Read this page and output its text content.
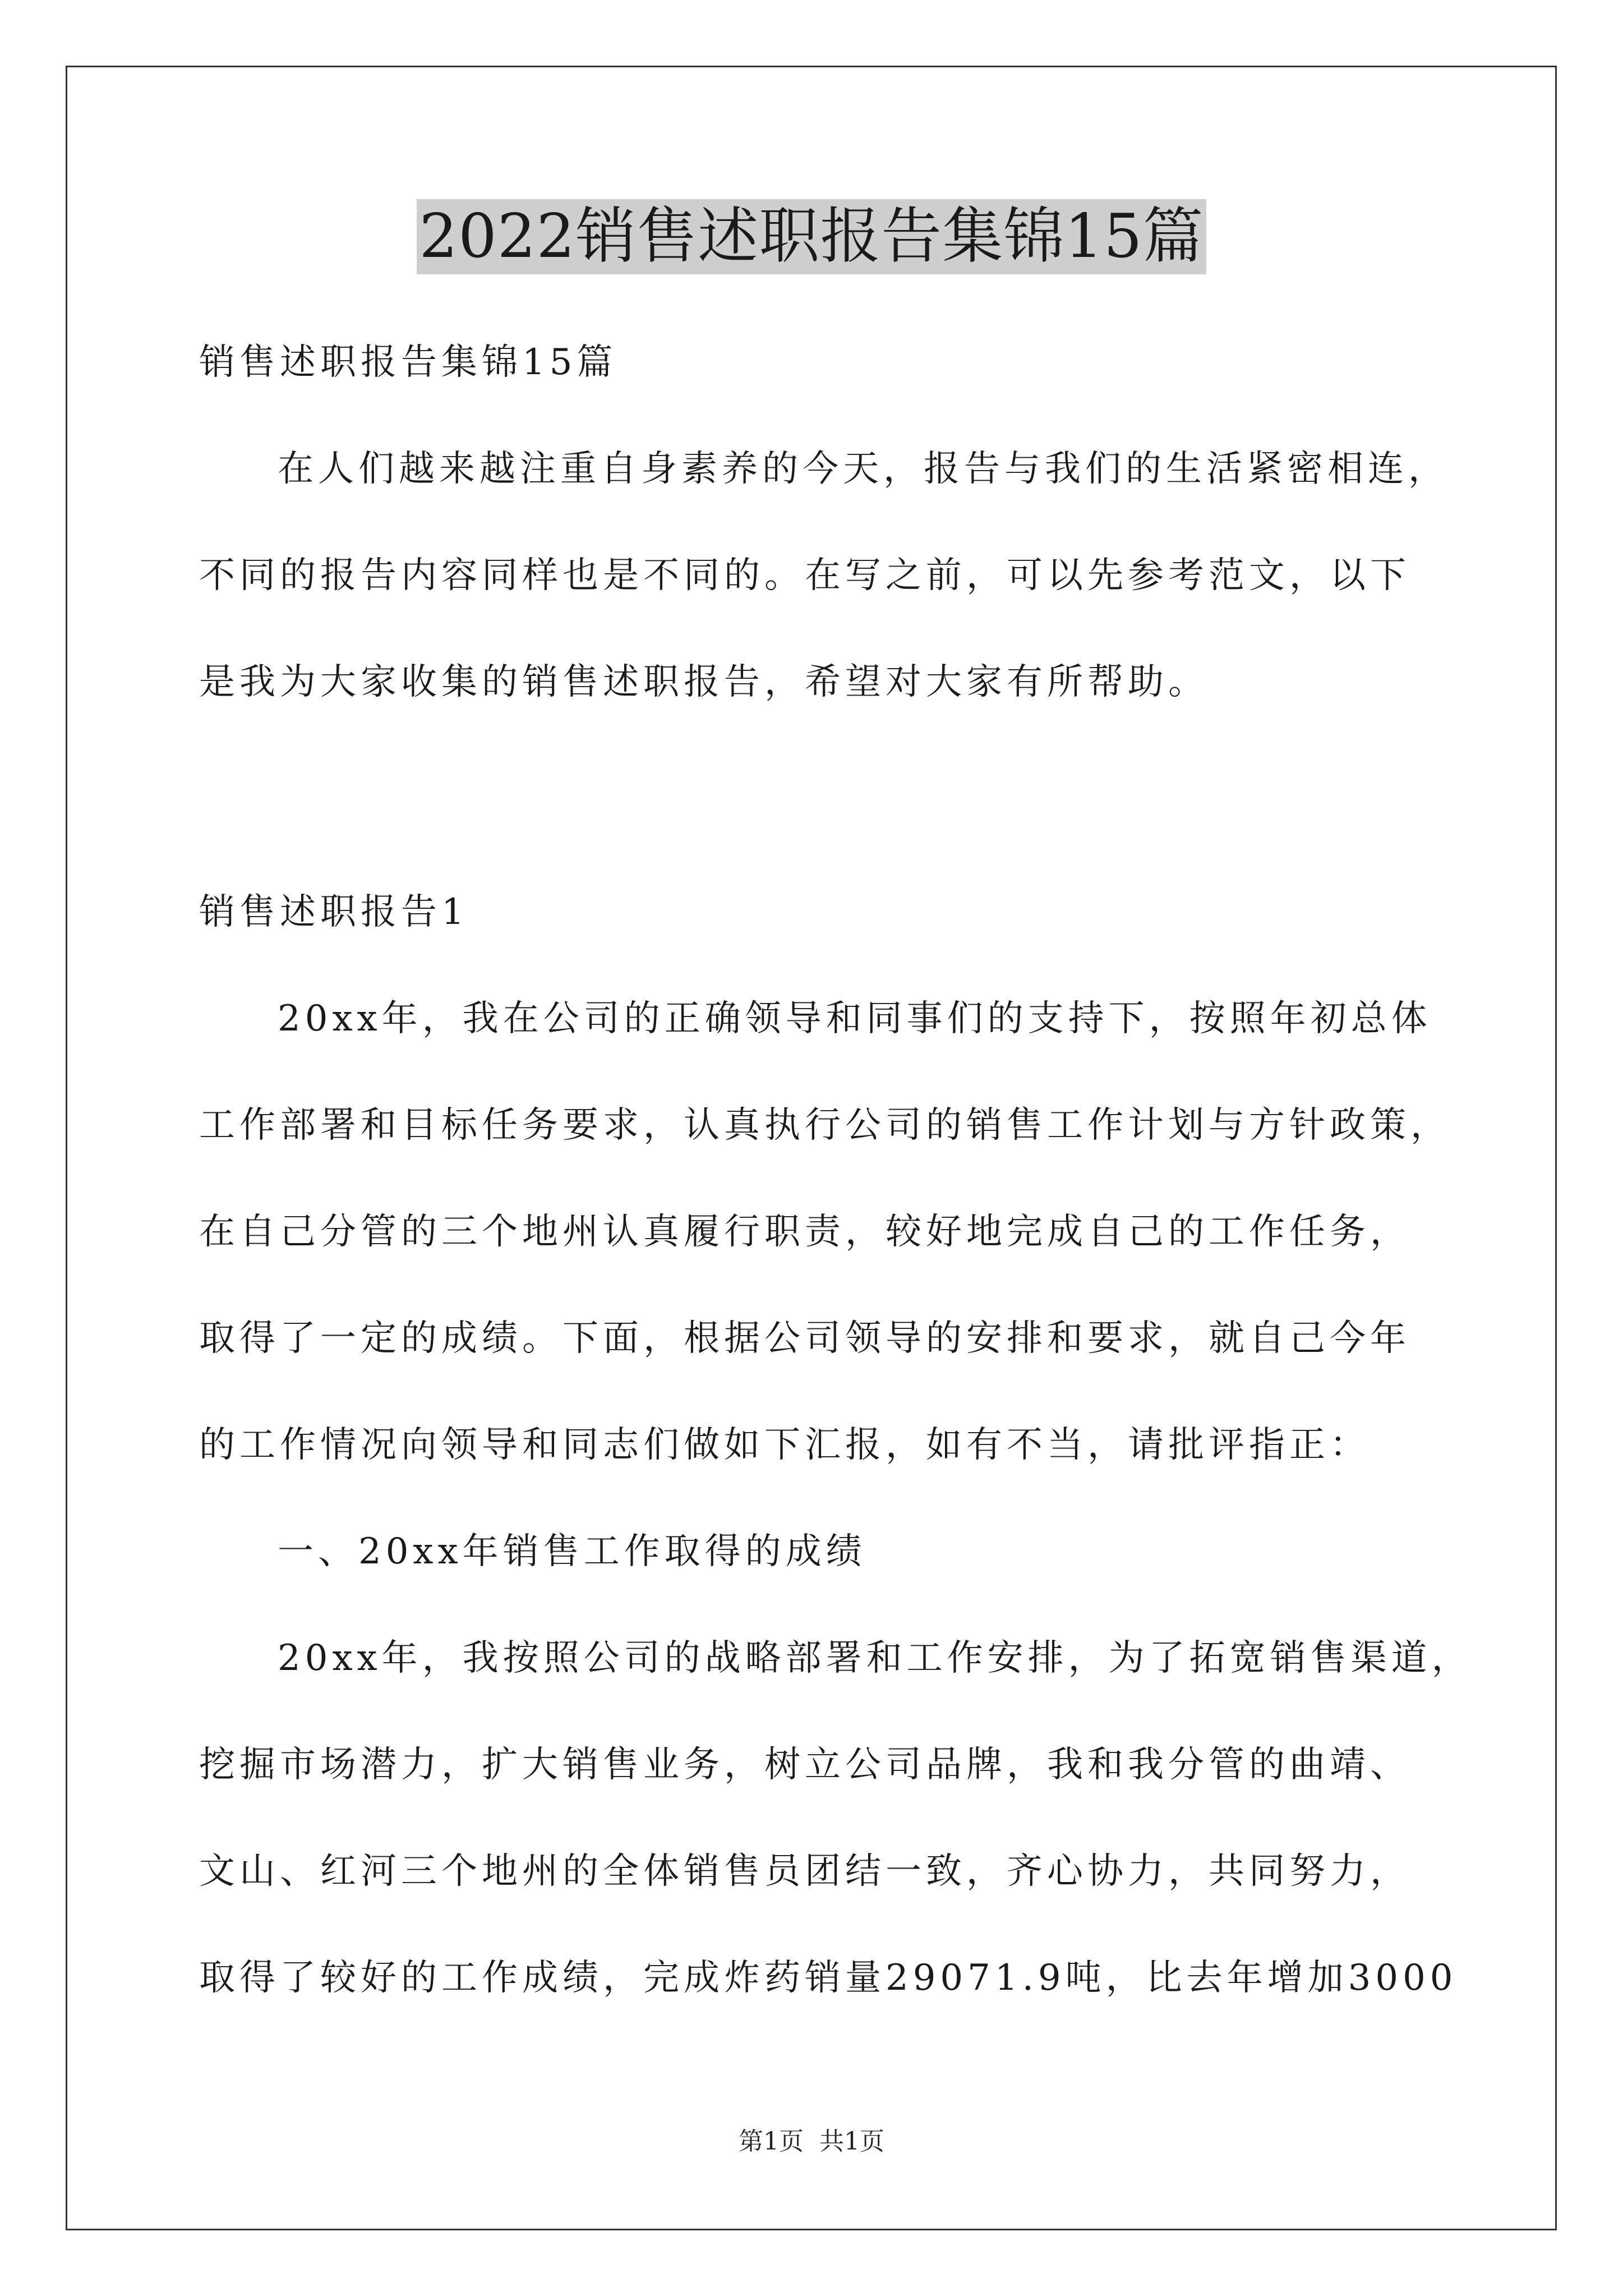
2022销售述职报告集锦15篇
销售述职报告集锦15篇
在人们越来越注重自身素养的今天，报告与我们的生活紧密相连，
不同的报告内容同样也是不同的。在写之前，可以先参考范文，以下
是我为大家收集的销售述职报告，希望对大家有所帮助。
销售述职报告1
20xx年，我在公司的正确领导和同事们的支持下，按照年初总体
工作部署和目标任务要求，认真执行公司的销售工作计划与方针政策，
在自己分管的三个地州认真履行职责，较好地完成自己的工作任务，
取得了一定的成绩。下面，根据公司领导的安排和要求，就自己今年
的工作情况向领导和同志们做如下汇报，如有不当，请批评指正：
一、20xx年销售工作取得的成绩
20xx年，我按照公司的战略部署和工作安排，为了拓宽销售渠道，
挖掘市场潜力，扩大销售业务，树立公司品牌，我和我分管的曲靖、
文山、红河三个地州的全体销售员团结一致，齐心协力，共同努力，
取得了较好的工作成绩，完成炸药销量29071.9吨，比去年增加3000
第1页 共1页
